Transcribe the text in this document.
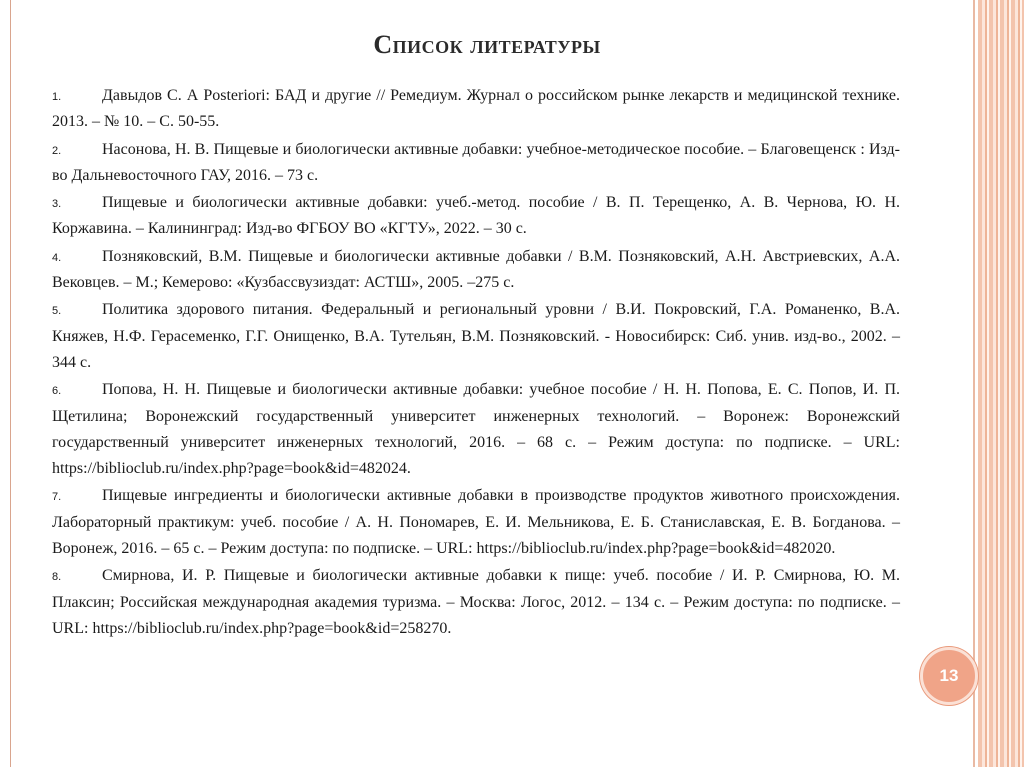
Список литературы
1.	Давыдов С. А Posteriori: БАД и другие // Ремедиум. Журнал о российском рынке лекарств и медицинской технике. 2013. – № 10. – С. 50-55.
2.	Насонова, Н. В. Пищевые и биологически активные добавки: учебное-методическое пособие. – Благовещенск : Изд-во Дальневосточного ГАУ, 2016. – 73 с.
3.	Пищевые и биологически активные добавки: учеб.-метод. пособие / В. П. Терещенко, А. В. Чернова, Ю. Н. Коржавина. – Калининград: Изд-во ФГБОУ ВО «КГТУ», 2022. – 30 с.
4.	Позняковский, В.М. Пищевые и биологически активные добавки / В.М. Позняковский, А.Н. Австриевских, А.А. Вековцев. – М.; Кемерово: «Кузбассвузиздат: АСТШ», 2005. –275 с.
5.	Политика здорового питания. Федеральный и региональный уровни / В.И. Покровский, Г.А. Романенко, В.А. Княжев, Н.Ф. Герасеменко, Г.Г. Онищенко, В.А. Тутельян, В.М. Позняковский. - Новосибирск: Сиб. унив. изд-во., 2002. – 344 с.
6.	Попова, Н. Н. Пищевые и биологически активные добавки: учебное пособие / Н. Н. Попова, Е. С. Попов, И. П. Щетилина; Воронежский государственный университет инженерных технологий. – Воронеж: Воронежский государственный университет инженерных технологий, 2016. – 68 с. – Режим доступа: по подписке. – URL: https://biblioclub.ru/index.php?page=book&id=482024.
7.	Пищевые ингредиенты и биологически активные добавки в производстве продуктов животного происхождения. Лабораторный практикум: учеб. пособие / А. Н. Пономарев, Е. И. Мельникова, Е. Б. Станиславская, Е. В. Богданова. – Воронеж, 2016. – 65 с. – Режим доступа: по подписке. – URL: https://biblioclub.ru/index.php?page=book&id=482020.
8.	Смирнова, И. Р. Пищевые и биологически активные добавки к пище: учеб. пособие / И. Р. Смирнова, Ю. М. Плаксин; Российская международная академия туризма. – Москва: Логос, 2012. – 134 с. – Режим доступа: по подписке. – URL: https://biblioclub.ru/index.php?page=book&id=258270.
13
